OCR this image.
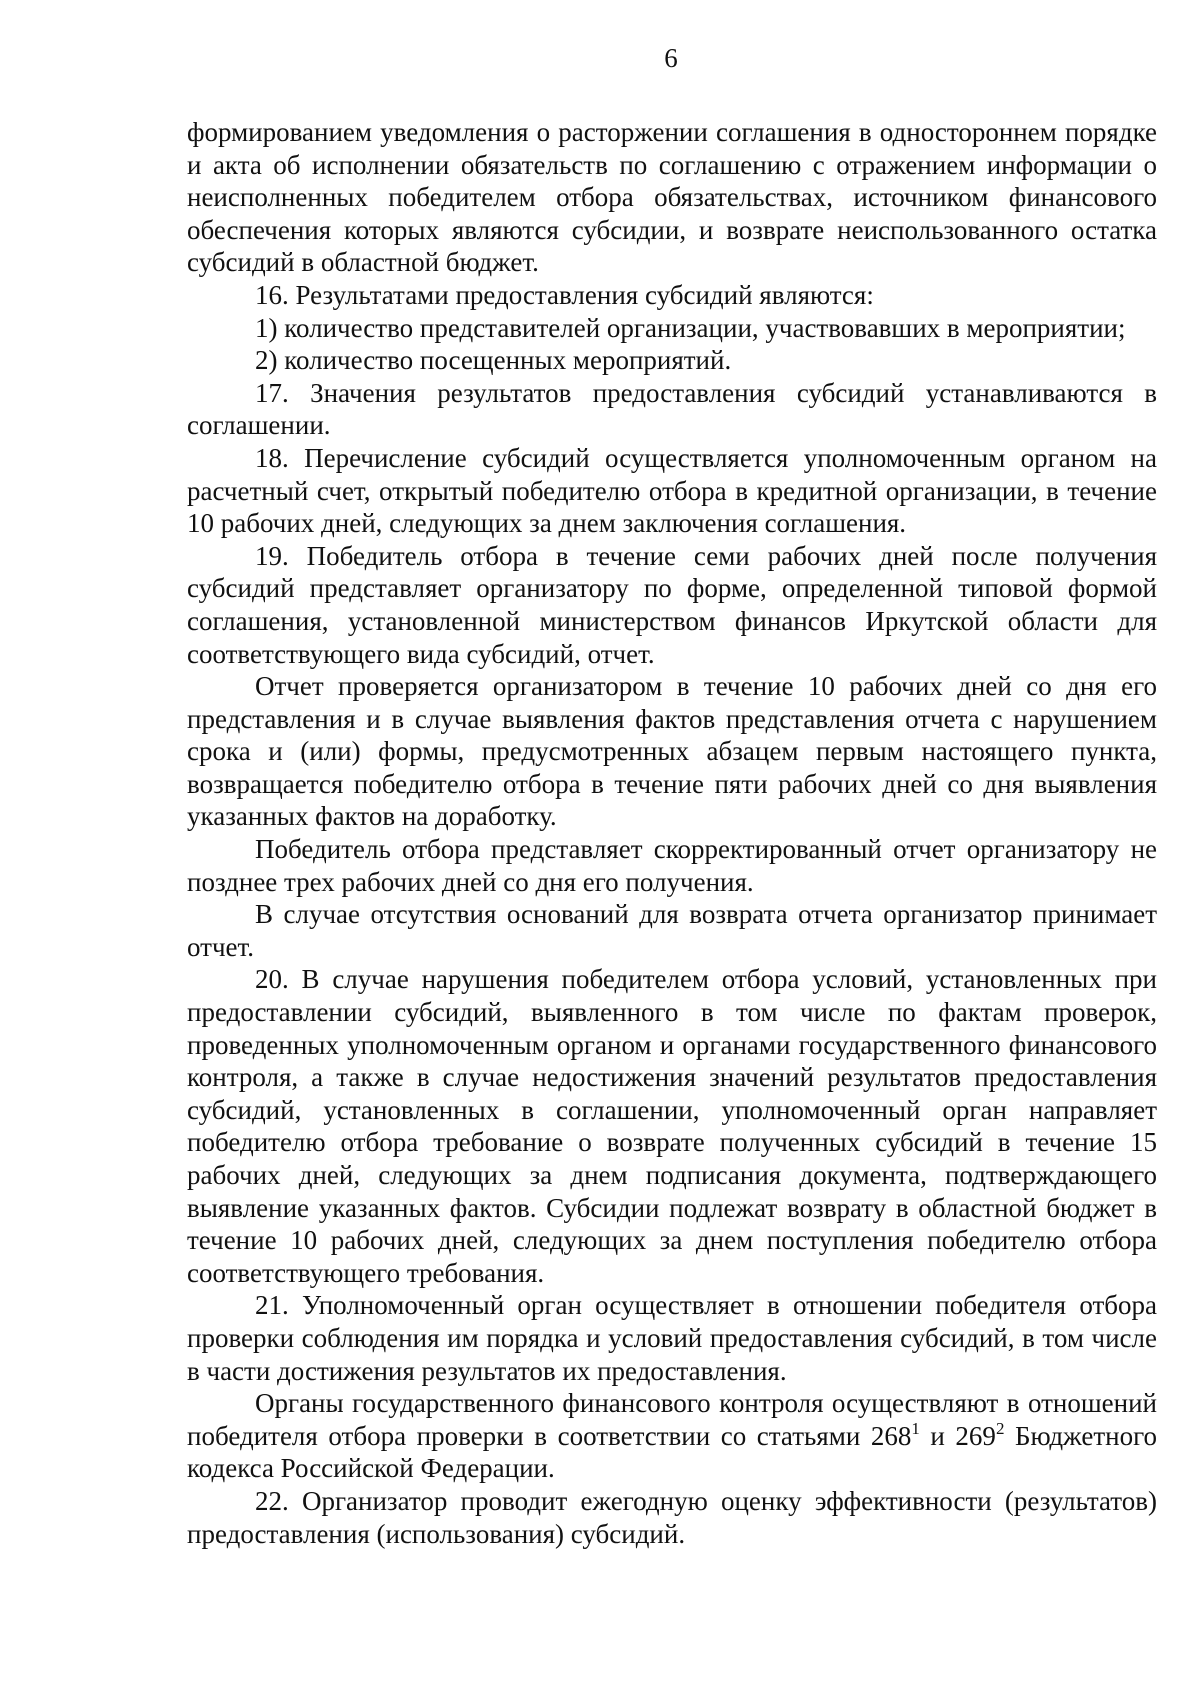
6

формированием уведомления о расторжении соглашения в одностороннем порядке и акта об исполнении обязательств по соглашению с отражением информации о неисполненных победителем отбора обязательствах, источником финансового обеспечения которых являются субсидии, и возврате неиспользованного остатка субсидий в областной бюджет.

16. Результатами предоставления субсидий являются:

1) количество представителей организации, участвовавших в мероприятии;

2) количество посещенных мероприятий.

17. Значения результатов предоставления субсидий устанавливаются в соглашении.

18. Перечисление субсидий осуществляется уполномоченным органом на расчетный счет, открытый победителю отбора в кредитной организации, в течение 10 рабочих дней, следующих за днем заключения соглашения.

19. Победитель отбора в течение семи рабочих дней после получения субсидий представляет организатору по форме, определенной типовой формой соглашения, установленной министерством финансов Иркутской области для соответствующего вида субсидий, отчет.

Отчет проверяется организатором в течение 10 рабочих дней со дня его представления и в случае выявления фактов представления отчета с нарушением срока и (или) формы, предусмотренных абзацем первым настоящего пункта, возвращается победителю отбора в течение пяти рабочих дней со дня выявления указанных фактов на доработку.

Победитель отбора представляет скорректированный отчет организатору не позднее трех рабочих дней со дня его получения.

В случае отсутствия оснований для возврата отчета организатор принимает отчет.

20. В случае нарушения победителем отбора условий, установленных при предоставлении субсидий, выявленного в том числе по фактам проверок, проведенных уполномоченным органом и органами государственного финансового контроля, а также в случае недостижения значений результатов предоставления субсидий, установленных в соглашении, уполномоченный орган направляет победителю отбора требование о возврате полученных субсидий в течение 15 рабочих дней, следующих за днем подписания документа, подтверждающего выявление указанных фактов. Субсидии подлежат возврату в областной бюджет в течение 10 рабочих дней, следующих за днем поступления победителю отбора соответствующего требования.

21. Уполномоченный орган осуществляет в отношении победителя отбора проверки соблюдения им порядка и условий предоставления субсидий, в том числе в части достижения результатов их предоставления.

Органы государственного финансового контроля осуществляют в отношений победителя отбора проверки в соответствии со статьями $268^1$ и $269^2$ Бюджетного кодекса Российской Федерации.

22. Организатор проводит ежегодную оценку эффективности (результатов) предоставления (использования) субсидий.
